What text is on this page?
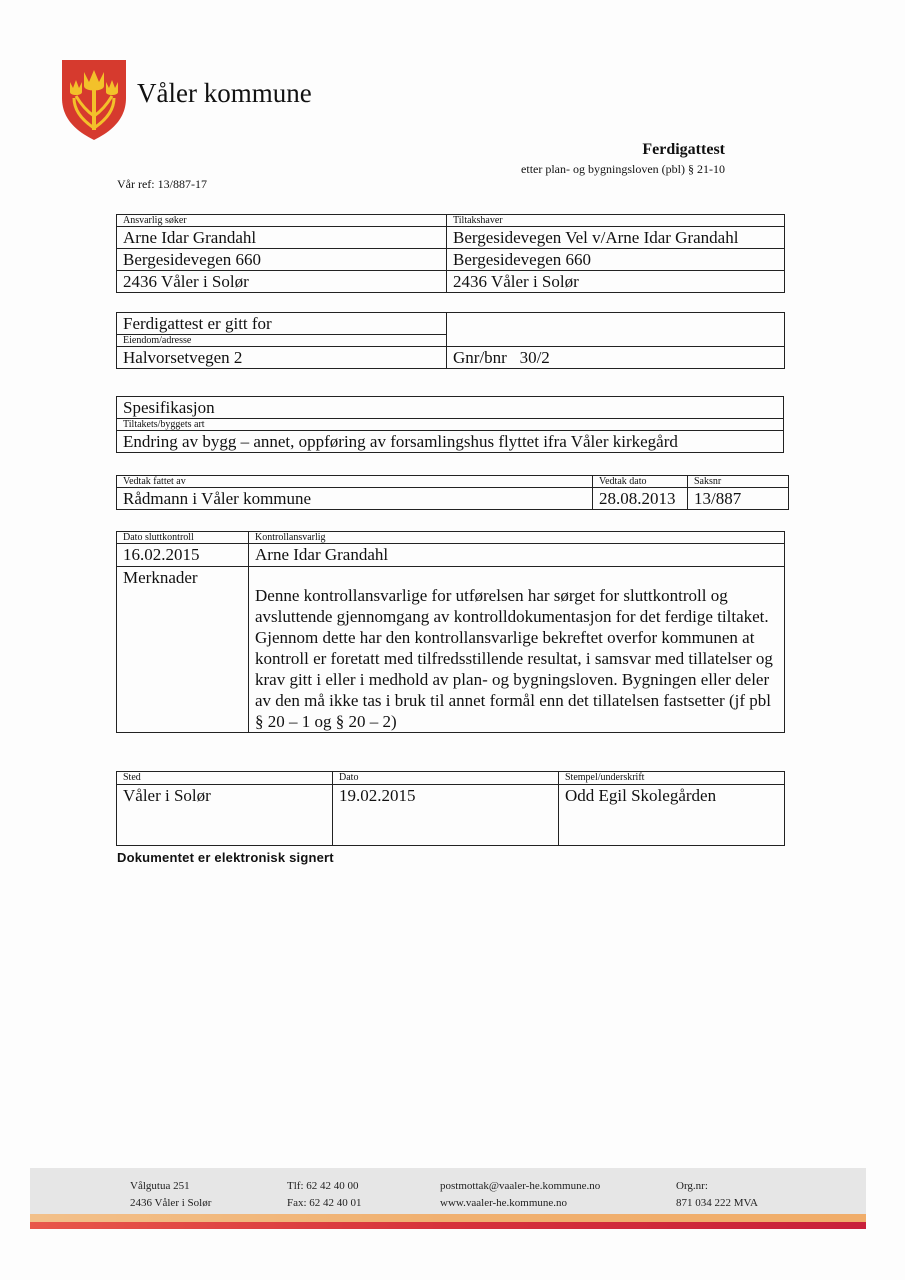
Våler kommune
Ferdigattest
etter plan- og bygningsloven (pbl) § 21-10
Vår ref: 13/887-17
Ansvarlig søker	Tiltakshaver
Arne Idar Grandahl	Bergesidevegen Vel v/Arne Idar Grandahl
Bergesidevegen 660	Bergesidevegen 660
2436 Våler i Solør	2436 Våler i Solør
Ferdigattest er gitt for	
Eiendom/adresse	
Halvorsetvegen 2	Gnr/bnr 30/2
Spesifikasjon
Tiltakets/byggets art
Endring av bygg – annet, oppføring av forsamlingshus flyttet ifra Våler kirkegård
Vedtak fattet av	Vedtak dato	Saksnr
Rådmann i Våler kommune	28.08.2013	13/887
Dato sluttkontroll	Kontrollansvarlig
16.02.2015	Arne Idar Grandahl
Merknader	Denne kontrollansvarlige for utførelsen har sørget for sluttkontroll og avsluttende gjennomgang av kontrolldokumentasjon for det ferdige tiltaket. Gjennom dette har den kontrollansvarlige bekreftet overfor kommunen at kontroll er foretatt med tilfredsstillende resultat, i samsvar med tillatelser og krav gitt i eller i medhold av plan- og bygningsloven. Bygningen eller deler av den må ikke tas i bruk til annet formål enn det tillatelsen fastsetter (jf pbl § 20 – 1 og § 20 – 2)
Sted	Dato	Stempel/underskrift
Våler i Solør	19.02.2015	Odd Egil Skolegården
Dokumentet er elektronisk signert
Vålgutua 251
2436 Våler i Solør
Tlf: 62 42 40 00
Fax: 62 42 40 01
postmottak@vaaler-he.kommune.no
www.vaaler-he.kommune.no
Org.nr:
871 034 222 MVA
